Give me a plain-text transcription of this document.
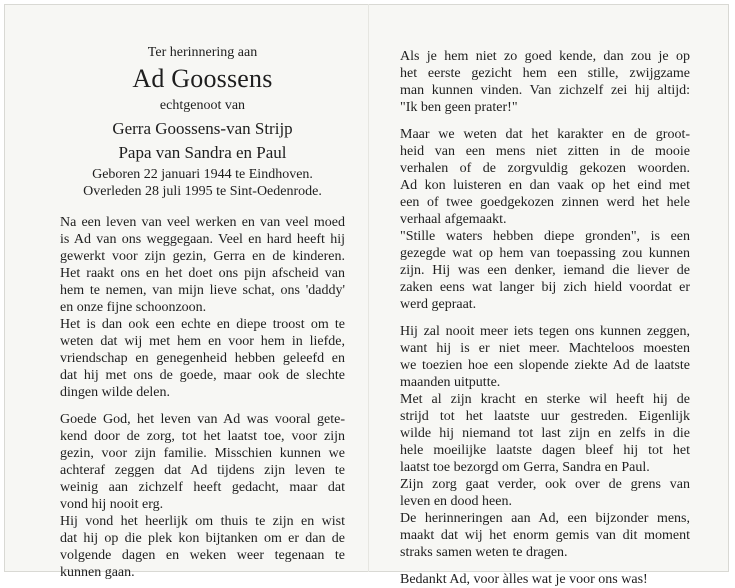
Ter herinnering aan
Ad Goossens
echtgenoot van
Gerra Goossens-van Strijp
Papa van Sandra en Paul
Geboren 22 januari 1944 te Eindhoven.
Overleden 28 juli 1995 te Sint-Oedenrode.

Na een leven van veel werken en van veel moed
is Ad van ons weggegaan. Veel en hard heeft hij
gewerkt voor zijn gezin, Gerra en de kinderen.
Het raakt ons en het doet ons pijn afscheid van
hem te nemen, van mijn lieve schat, ons 'daddy'
en onze fijne schoonzoon.

Het is dan ook een echte en diepe troost om te
weten dat wij met hem en voor hem in liefde,
vriendschap en genegenheid hebben geleefd en
dat hij met ons de goede, maar ook de slechte
dingen wilde delen.

Goede God, het leven van Ad was vooral gete-
kend door de zorg, tot het laatst toe, voor zijn
gezin, voor zijn familie. Misschien kunnen we
achteraf zeggen dat Ad tijdens zijn leven te
weinig aan zichzelf heeft gedacht, maar dat
vond hij nooit erg.

Hij vond het heerlijk om thuis te zijn en wist
dat hij op die plek kon bijtanken om er dan de
volgende dagen en weken weer tegenaan te
kunnen gaan.

Als je hem niet zo goed kende, dan zou je op
het eerste gezicht hem een stille, zwijgzame
man kunnen vinden. Van zichzelf zei hij altijd:
"Ik ben geen prater!"

Maar we weten dat het karakter en de groot-
heid van een mens niet zitten in de mooie
verhalen of de zorgvuldig gekozen woorden.
Ad kon luisteren en dan vaak op het eind met
een of twee goedgekozen zinnen werd het hele
verhaal afgemaakt.

"Stille waters hebben diepe gronden", is een
gezegde wat op hem van toepassing zou kunnen
zijn. Hij was een denker, iemand die liever de
zaken eens wat langer bij zich hield voordat er
werd gepraat.

Hij zal nooit meer iets tegen ons kunnen zeggen,
want hij is er niet meer. Machteloos moesten
we toezien hoe een slopende ziekte Ad de laatste
maanden uitputte.

Met al zijn kracht en sterke wil heeft hij de
strijd tot het laatste uur gestreden. Eigenlijk
wilde hij niemand tot last zijn en zelfs in die
hele moeilijke laatste dagen bleef hij tot het
laatst toe bezorgd om Gerra, Sandra en Paul.

Zijn zorg gaat verder, ook over de grens van
leven en dood heen.

De herinneringen aan Ad, een bijzonder mens,
maakt dat wij het enorm gemis van dit moment
straks samen weten te dragen.

Bedankt Ad, voor àlles wat je voor ons was!
